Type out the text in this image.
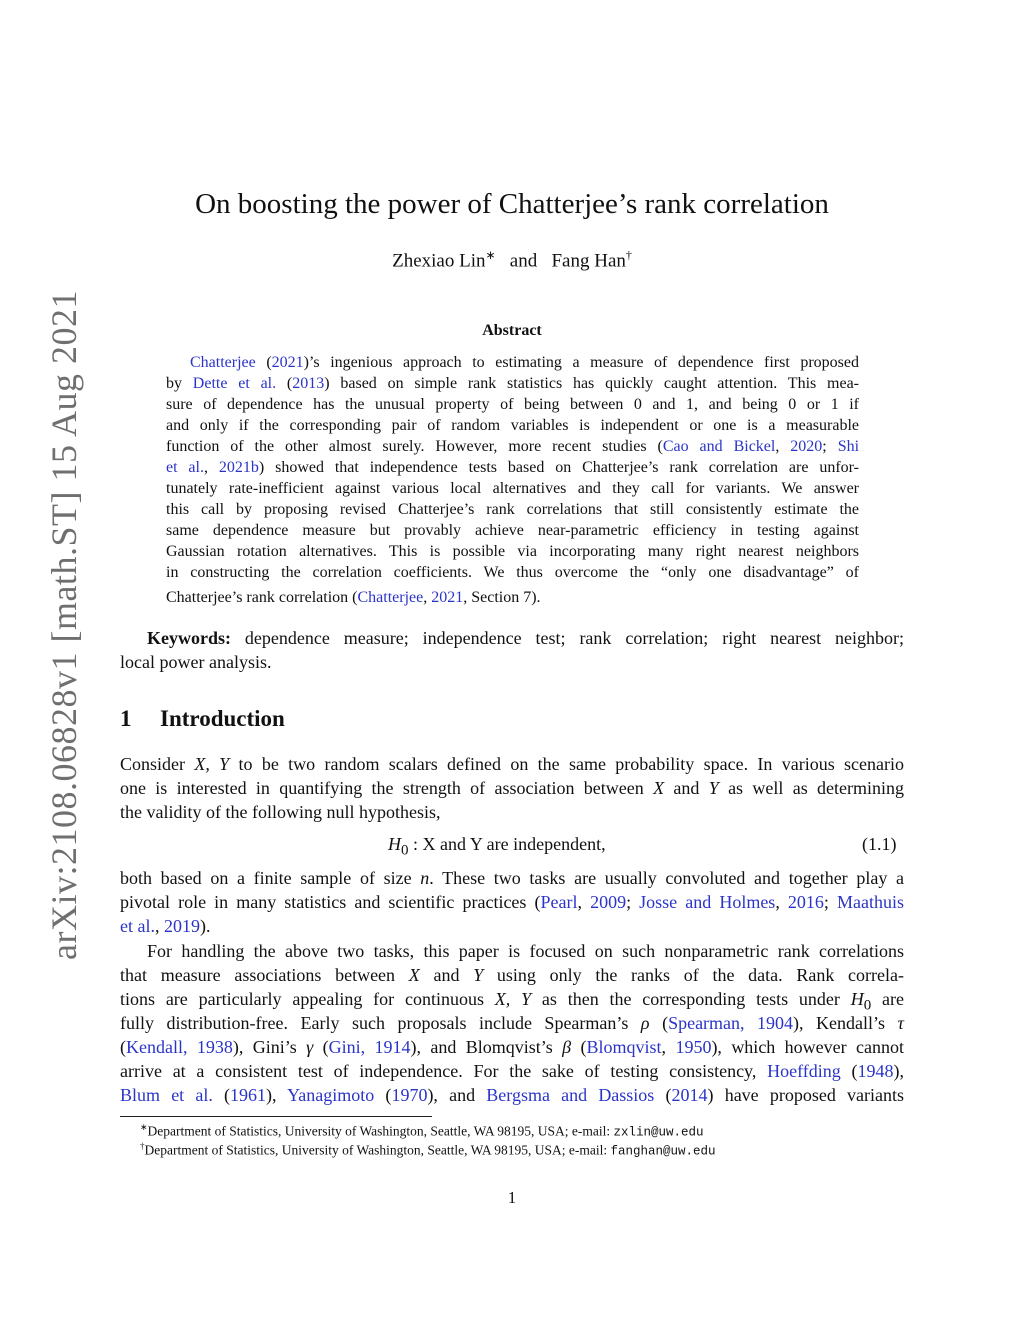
arXiv:2108.06828v1 [math.ST] 15 Aug 2021
On boosting the power of Chatterjee’s rank correlation
Zhexiao Lin∗ and Fang Han†
Abstract
Chatterjee (2021)’s ingenious approach to estimating a measure of dependence first proposed
by Dette et al. (2013) based on simple rank statistics has quickly caught attention. This mea-
sure of dependence has the unusual property of being between 0 and 1, and being 0 or 1 if
and only if the corresponding pair of random variables is independent or one is a measurable
function of the other almost surely. However, more recent studies (Cao and Bickel, 2020; Shi
et al., 2021b) showed that independence tests based on Chatterjee’s rank correlation are unfor-
tunately rate-inefficient against various local alternatives and they call for variants. We answer
this call by proposing revised Chatterjee’s rank correlations that still consistently estimate the
same dependence measure but provably achieve near-parametric efficiency in testing against
Gaussian rotation alternatives. This is possible via incorporating many right nearest neighbors
in constructing the correlation coefficients. We thus overcome the “only one disadvantage” of
Chatterjee’s rank correlation (Chatterjee, 2021, Section 7).
Keywords: dependence measure; independence test; rank correlation; right nearest neighbor;
local power analysis.
1 Introduction
Consider X, Y to be two random scalars defined on the same probability space. In various scenario
one is interested in quantifying the strength of association between X and Y as well as determining
the validity of the following null hypothesis,
$H_0$ : X and Y are independent,	(1.1)
both based on a finite sample of size n. These two tasks are usually convoluted and together play a
pivotal role in many statistics and scientific practices (Pearl, 2009; Josse and Holmes, 2016; Maathuis
et al., 2019).
For handling the above two tasks, this paper is focused on such nonparametric rank correlations
that measure associations between X and Y using only the ranks of the data. Rank correla-
tions are particularly appealing for continuous X, Y as then the corresponding tests under $H_0$ are
fully distribution-free. Early such proposals include Spearman’s ρ (Spearman, 1904), Kendall’s τ
(Kendall, 1938), Gini’s γ (Gini, 1914), and Blomqvist’s β (Blomqvist, 1950), which however cannot
arrive at a consistent test of independence. For the sake of testing consistency, Hoeffding (1948),
Blum et al. (1961), Yanagimoto (1970), and Bergsma and Dassios (2014) have proposed variants
∗Department of Statistics, University of Washington, Seattle, WA 98195, USA; e-mail: zxlin@uw.edu
†Department of Statistics, University of Washington, Seattle, WA 98195, USA; e-mail: fanghan@uw.edu
1
